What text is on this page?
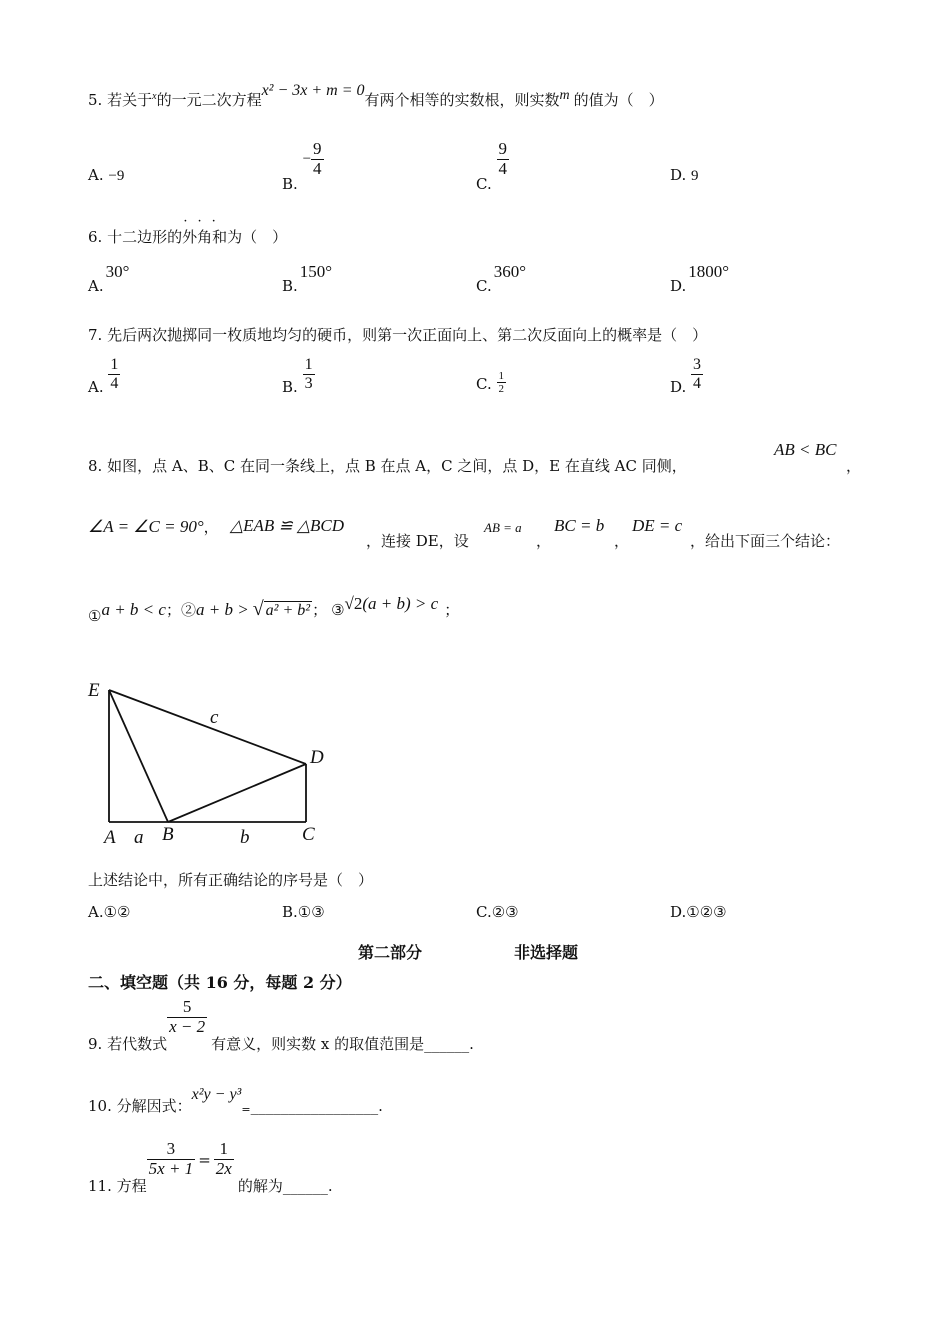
5. 若关于$^x$的一元二次方程x² − 3x + m = 0有两个相等的实数根，则实数$^m$ 的值为（　）
A. −9	B. − $\frac{9}{4}$
C.
$\frac{9}{4}$	D. 9
6. 十二边形的外角和
···
为（　）
A.30°
B.150°
C.360°
D.1800°
7. 先后两次抛掷同一枚质地均匀的硬币，则第一次正面向上、第二次反面向上的概率是（　）
A. $\frac{1}{4}$	B. $\frac{1}{3}$	C. $\frac{1}{2}$	D. $\frac{3}{4}$
8. 如图，点 A、B、C 在同一条线上，点 B 在点 A，C 之间，点 D，E 在直线 AC 同侧，
AB < BC
，
∠A = ∠C = 90°， △EAB ≌ △BCD
，连接 DE，设
AB = a
，
BC = b
，
DE = c
，给出下面三个结论：
①a + b < c；②a + b > √ a² + b² ； ③√2(a + b) > c ；
E
D
A B	C
a	b
c
上述结论中，所有正确结论的序号是（　）
A.①②	B.①③	C.②③	D.①②③
第二部分	非选择题
二、填空题（共 16 分，每题 2 分）
9. 若代数式
$\frac{5}{x - 2}$
有意义，则实数 x 的取值范围是______.
10. 分解因式：$x^2y - y^3_=\_\_\_\_\_\_\_\_\_\_\_\_\_\_\_\_\_$.
11. 方程
$\frac{3}{5x + 1} = \frac{1}{2x}$
的解为______.
